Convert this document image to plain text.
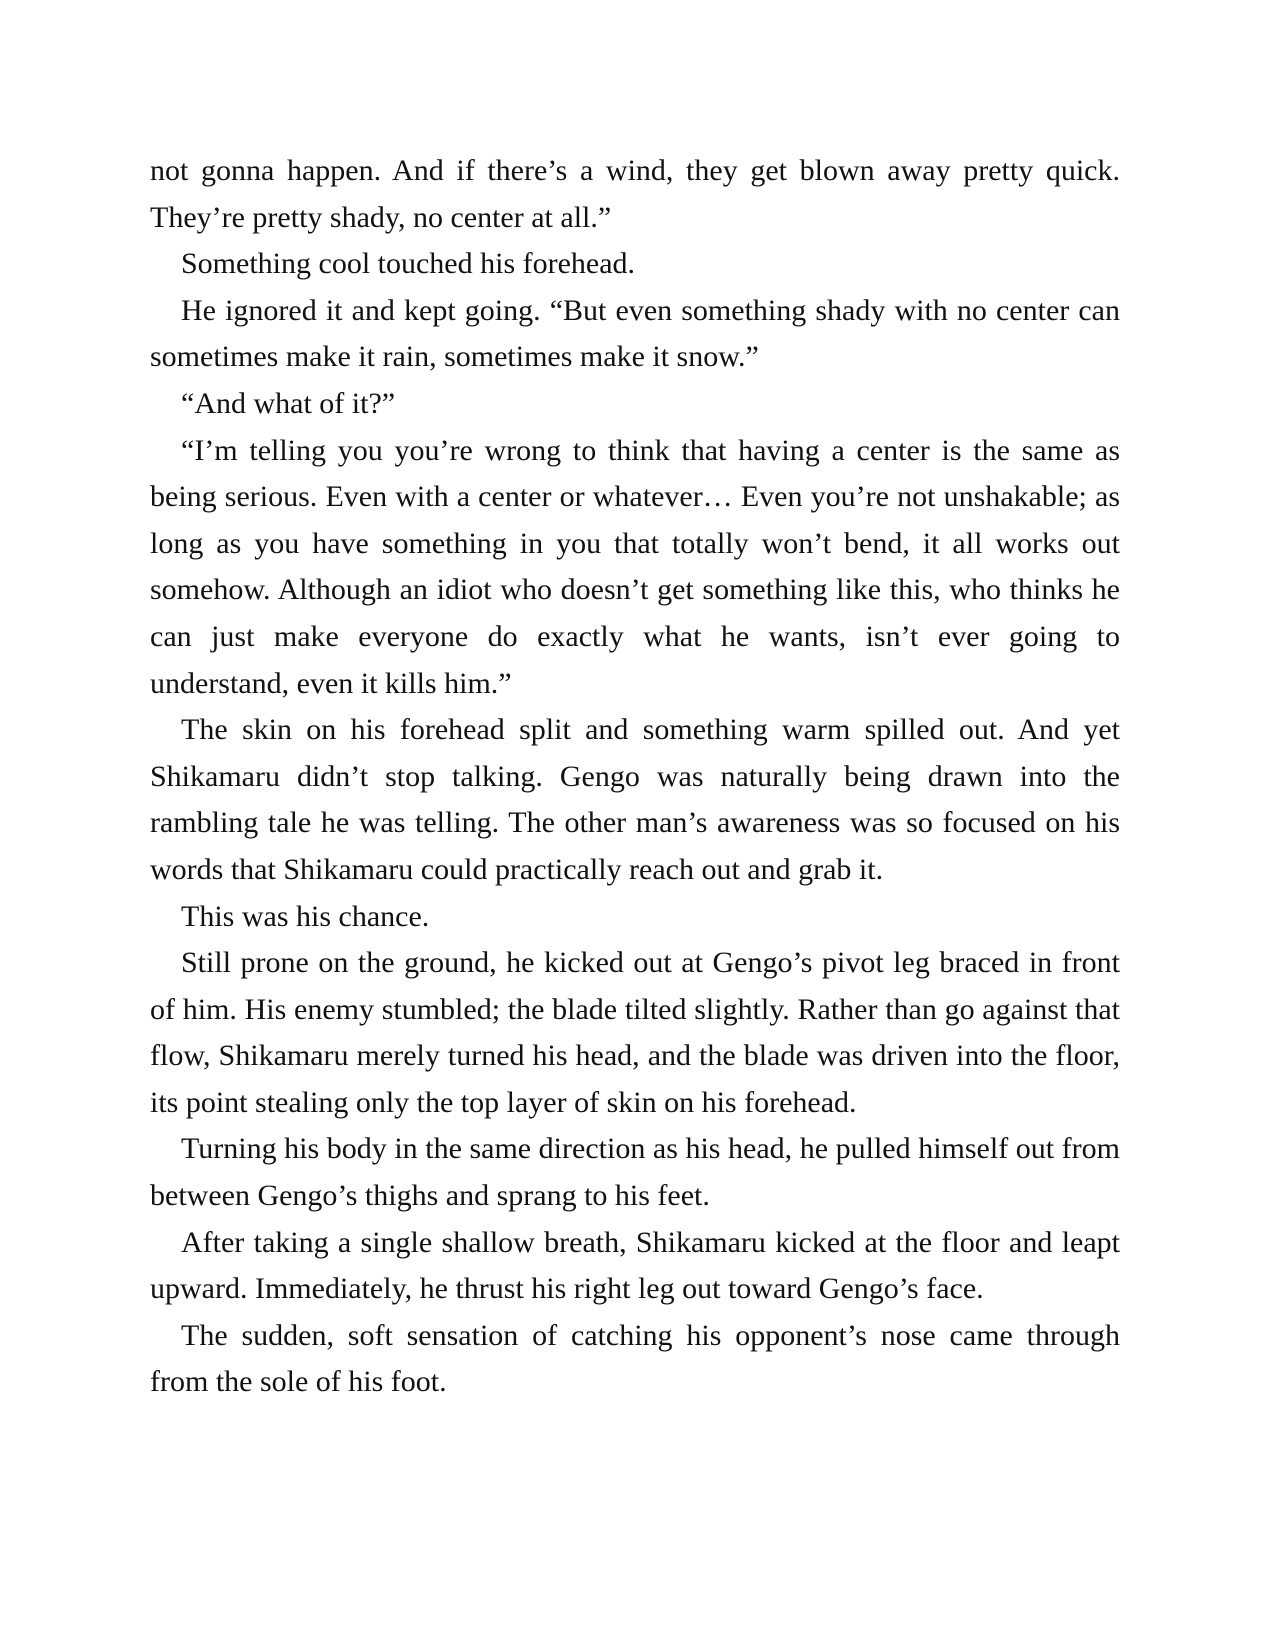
not gonna happen. And if there’s a wind, they get blown away pretty quick. They’re pretty shady, no center at all.”

Something cool touched his forehead.

He ignored it and kept going. “But even something shady with no center can sometimes make it rain, sometimes make it snow.”

“And what of it?”

“I’m telling you you’re wrong to think that having a center is the same as being serious. Even with a center or whatever… Even you’re not unshakable; as long as you have something in you that totally won’t bend, it all works out somehow. Although an idiot who doesn’t get something like this, who thinks he can just make everyone do exactly what he wants, isn’t ever going to understand, even it kills him.”

The skin on his forehead split and something warm spilled out. And yet Shikamaru didn’t stop talking. Gengo was naturally being drawn into the rambling tale he was telling. The other man’s awareness was so focused on his words that Shikamaru could practically reach out and grab it.

This was his chance.

Still prone on the ground, he kicked out at Gengo’s pivot leg braced in front of him. His enemy stumbled; the blade tilted slightly. Rather than go against that flow, Shikamaru merely turned his head, and the blade was driven into the floor, its point stealing only the top layer of skin on his forehead.

Turning his body in the same direction as his head, he pulled himself out from between Gengo’s thighs and sprang to his feet.

After taking a single shallow breath, Shikamaru kicked at the floor and leapt upward. Immediately, he thrust his right leg out toward Gengo’s face.

The sudden, soft sensation of catching his opponent’s nose came through from the sole of his foot.
